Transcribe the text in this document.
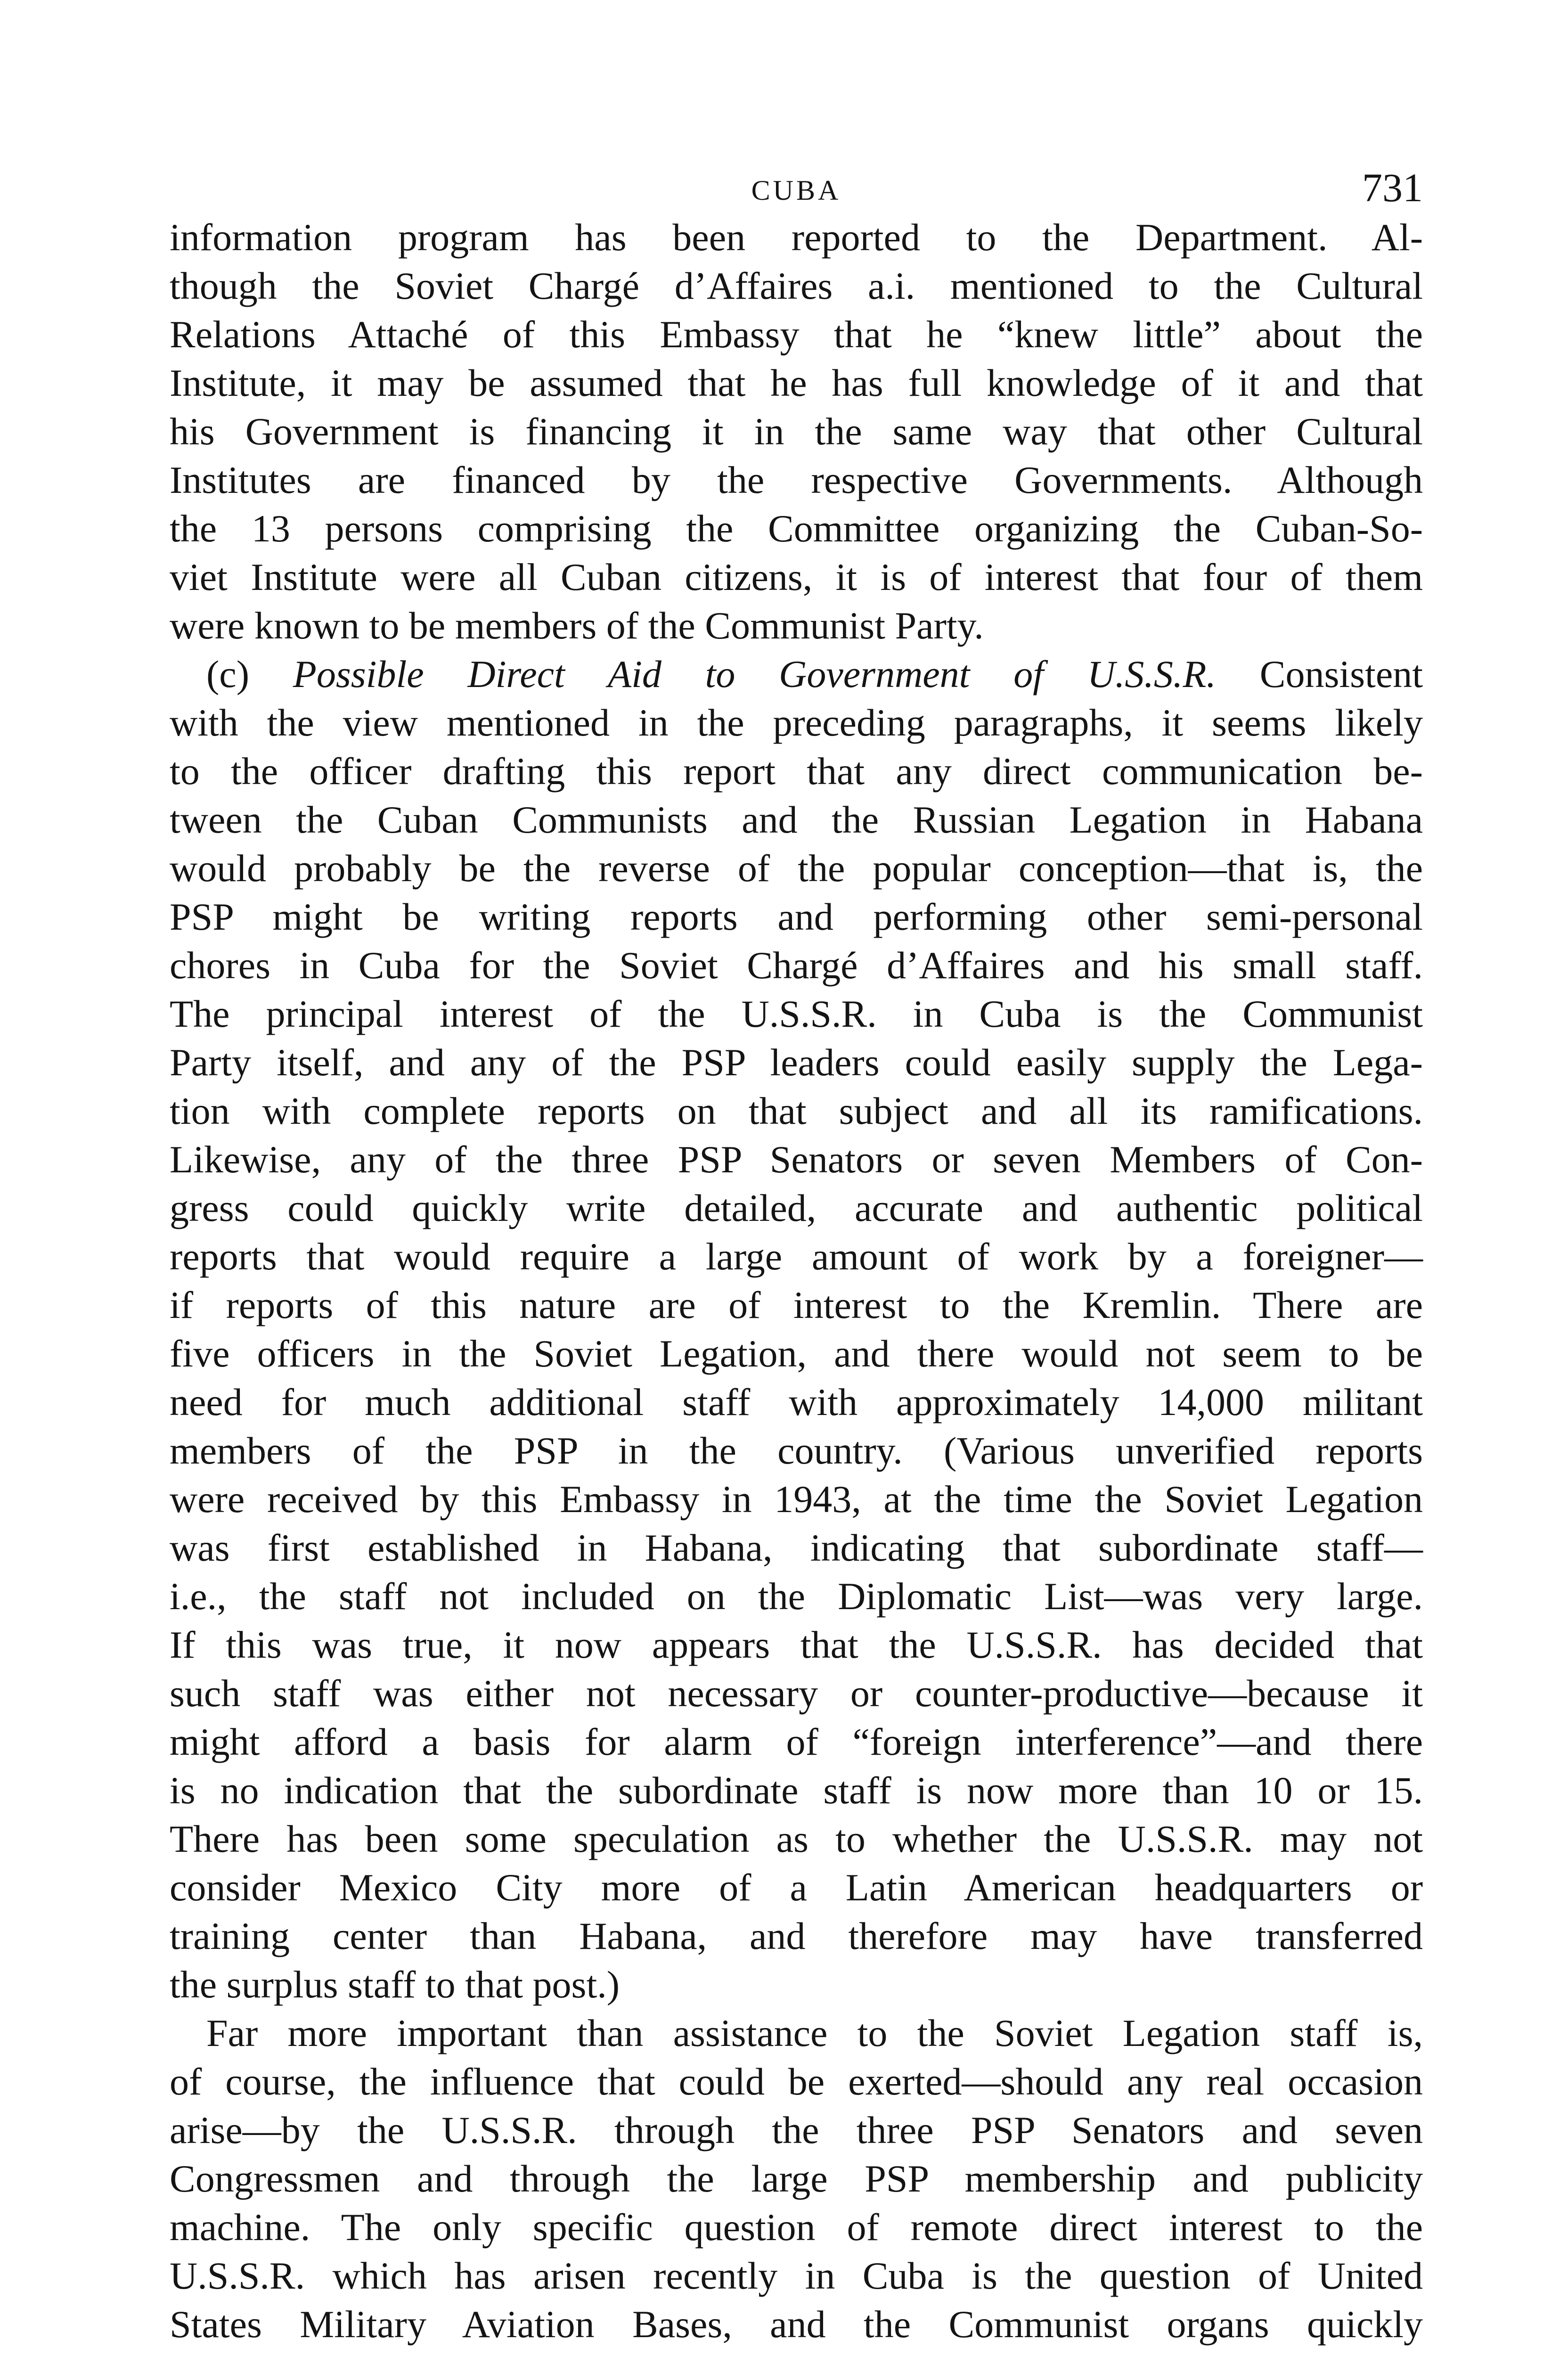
CUBA	731
information program has been reported to the Department. Al-
though the Soviet Chargé d’Affaires a.i. mentioned to the Cultural
Relations Attaché of this Embassy that he “knew little” about the
Institute, it may be assumed that he has full knowledge of it and that
his Government is financing it in the same way that other Cultural
Institutes are financed by the respective Governments. Although
the 13 persons comprising the Committee organizing the Cuban-So-
viet Institute were all Cuban citizens, it is of interest that four of them
were known to be members of the Communist Party.
(c) Possible Direct Aid to Government of U.S.S.R. Consistent
with the view mentioned in the preceding paragraphs, it seems likely
to the officer drafting this report that any direct communication be-
tween the Cuban Communists and the Russian Legation in Habana
would probably be the reverse of the popular conception—that is, the
PSP might be writing reports and performing other semi-personal
chores in Cuba for the Soviet Chargé d’Affaires and his small staff.
The principal interest of the U.S.S.R. in Cuba is the Communist
Party itself, and any of the PSP leaders could easily supply the Lega-
tion with complete reports on that subject and all its ramifications.
Likewise, any of the three PSP Senators or seven Members of Con-
gress could quickly write detailed, accurate and authentic political
reports that would require a large amount of work by a foreigner—
if reports of this nature are of interest to the Kremlin. There are
five officers in the Soviet Legation, and there would not seem to be
need for much additional staff with approximately 14,000 militant
members of the PSP in the country. (Various unverified reports
were received by this Embassy in 1943, at the time the Soviet Legation
was first established in Habana, indicating that subordinate staff—
i.e., the staff not included on the Diplomatic List—was very large.
If this was true, it now appears that the U.S.S.R. has decided that
such staff was either not necessary or counter-productive—because it
might afford a basis for alarm of “foreign interference”—and there
is no indication that the subordinate staff is now more than 10 or 15.
There has been some speculation as to whether the U.S.S.R. may not
consider Mexico City more of a Latin American headquarters or
training center than Habana, and therefore may have transferred
the surplus staff to that post.)
Far more important than assistance to the Soviet Legation staff is,
of course, the influence that could be exerted—should any real occasion
arise—by the U.S.S.R. through the three PSP Senators and seven
Congressmen and through the large PSP membership and publicity
machine. The only specific question of remote direct interest to the
U.S.S.R. which has arisen recently in Cuba is the question of United
States Military Aviation Bases, and the Communist organs quickly
